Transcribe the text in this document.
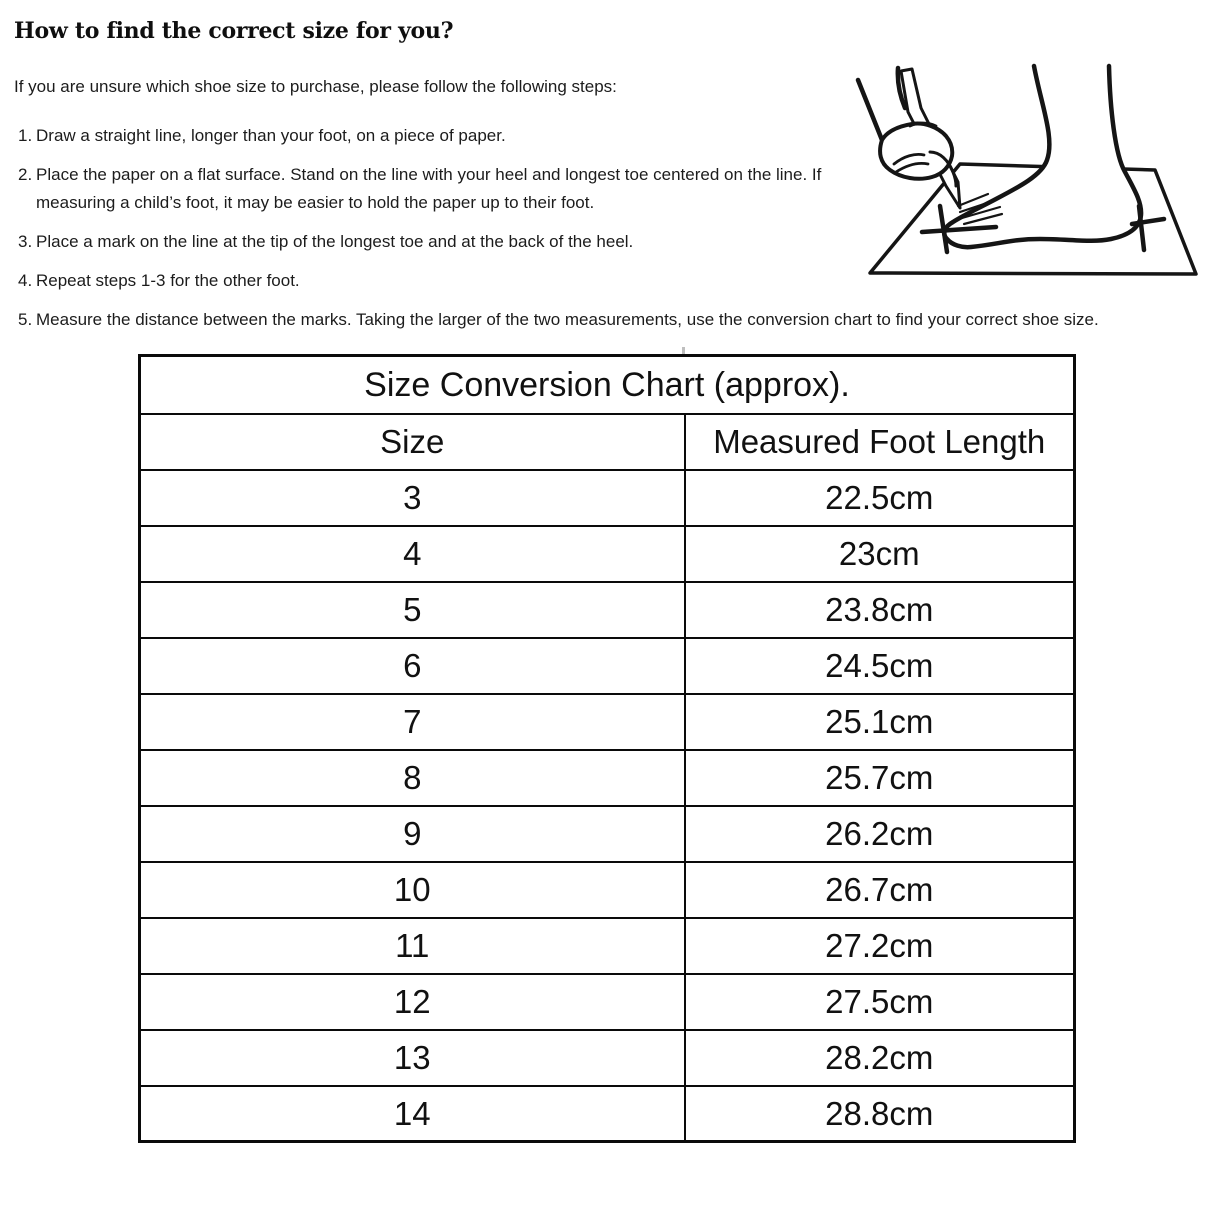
How to find the correct size for you?

If you are unsure which shoe size to purchase, please follow the following steps:

1. Draw a straight line, longer than your foot, on a piece of paper.
2. Place the paper on a flat surface. Stand on the line with your heel and longest toe centered on the line. If measuring a child’s foot, it may be easier to hold the paper up to their foot.
3. Place a mark on the line at the tip of the longest toe and at the back of the heel.
4. Repeat steps 1-3 for the other foot.
5. Measure the distance between the marks. Taking the larger of the two measurements, use the conversion chart to find your correct shoe size.
Size Conversion Chart (approx).	
Size	Measured Foot Length
3	22.5cm
4	23cm
5	23.8cm
6	24.5cm
7	25.1cm
8	25.7cm
9	26.2cm
10	26.7cm
11	27.2cm
12	27.5cm
13	28.2cm
14	28.8cm
